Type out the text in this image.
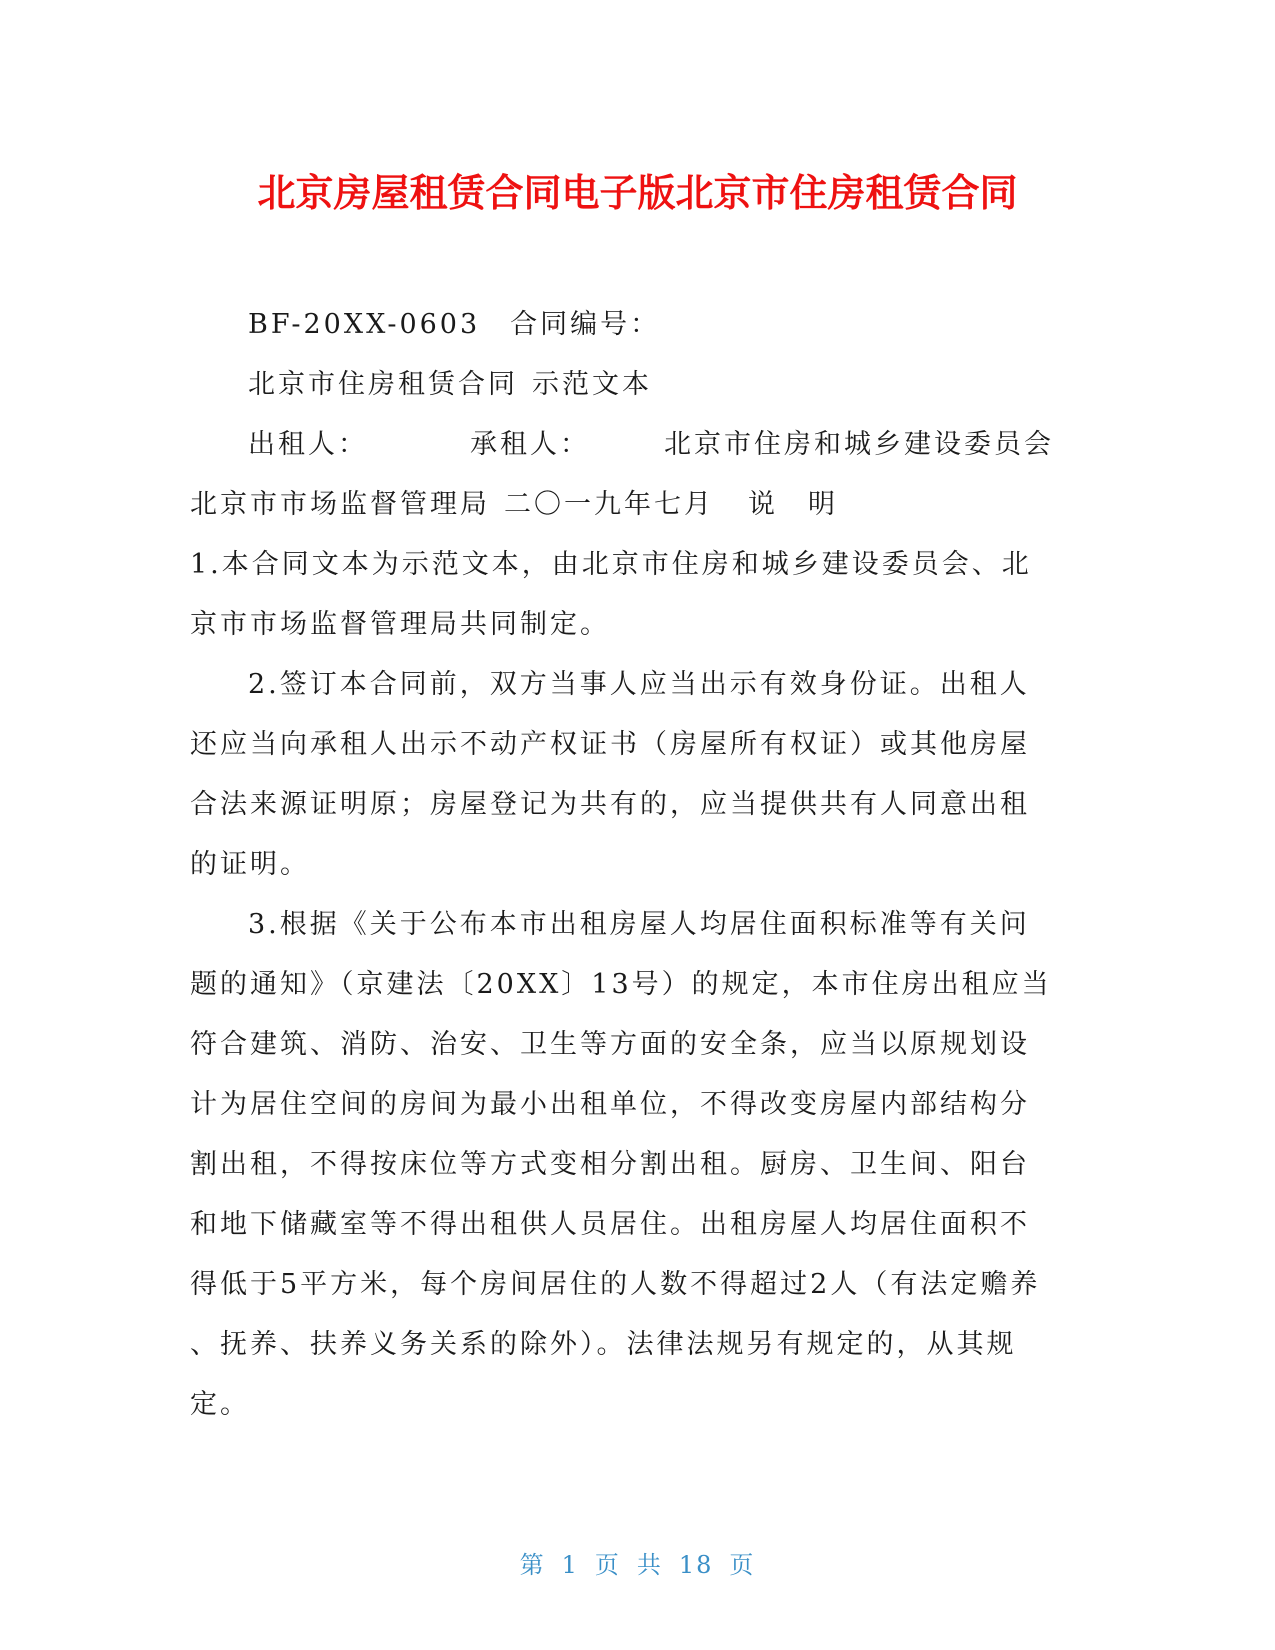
北京房屋租赁合同电子版北京市住房租赁合同
BF-20XX-0603 合同编号：
北京市住房租赁合同 示范文本
出租人：	承租人：	北京市住房和城乡建设委员会
北京市市场监督管理局 二〇一九年七月 说 明
1.本合同文本为示范文本，由北京市住房和城乡建设委员会、北
京市市场监督管理局共同制定。
2.签订本合同前，双方当事人应当出示有效身份证。出租人
还应当向承租人出示不动产权证书（房屋所有权证）或其他房屋
合法来源证明原；房屋登记为共有的，应当提供共有人同意出租
的证明。
3.根据《关于公布本市出租房屋人均居住面积标准等有关问
题的通知》（京建法〔20XX〕13号）的规定，本市住房出租应当
符合建筑、消防、治安、卫生等方面的安全条，应当以原规划设
计为居住空间的房间为最小出租单位，不得改变房屋内部结构分
割出租，不得按床位等方式变相分割出租。厨房、卫生间、阳台
和地下储藏室等不得出租供人员居住。出租房屋人均居住面积不
得低于5平方米，每个房间居住的人数不得超过2人（有法定赡养
、抚养、扶养义务关系的除外）。法律法规另有规定的，从其规
定。
第 1 页 共 18 页
